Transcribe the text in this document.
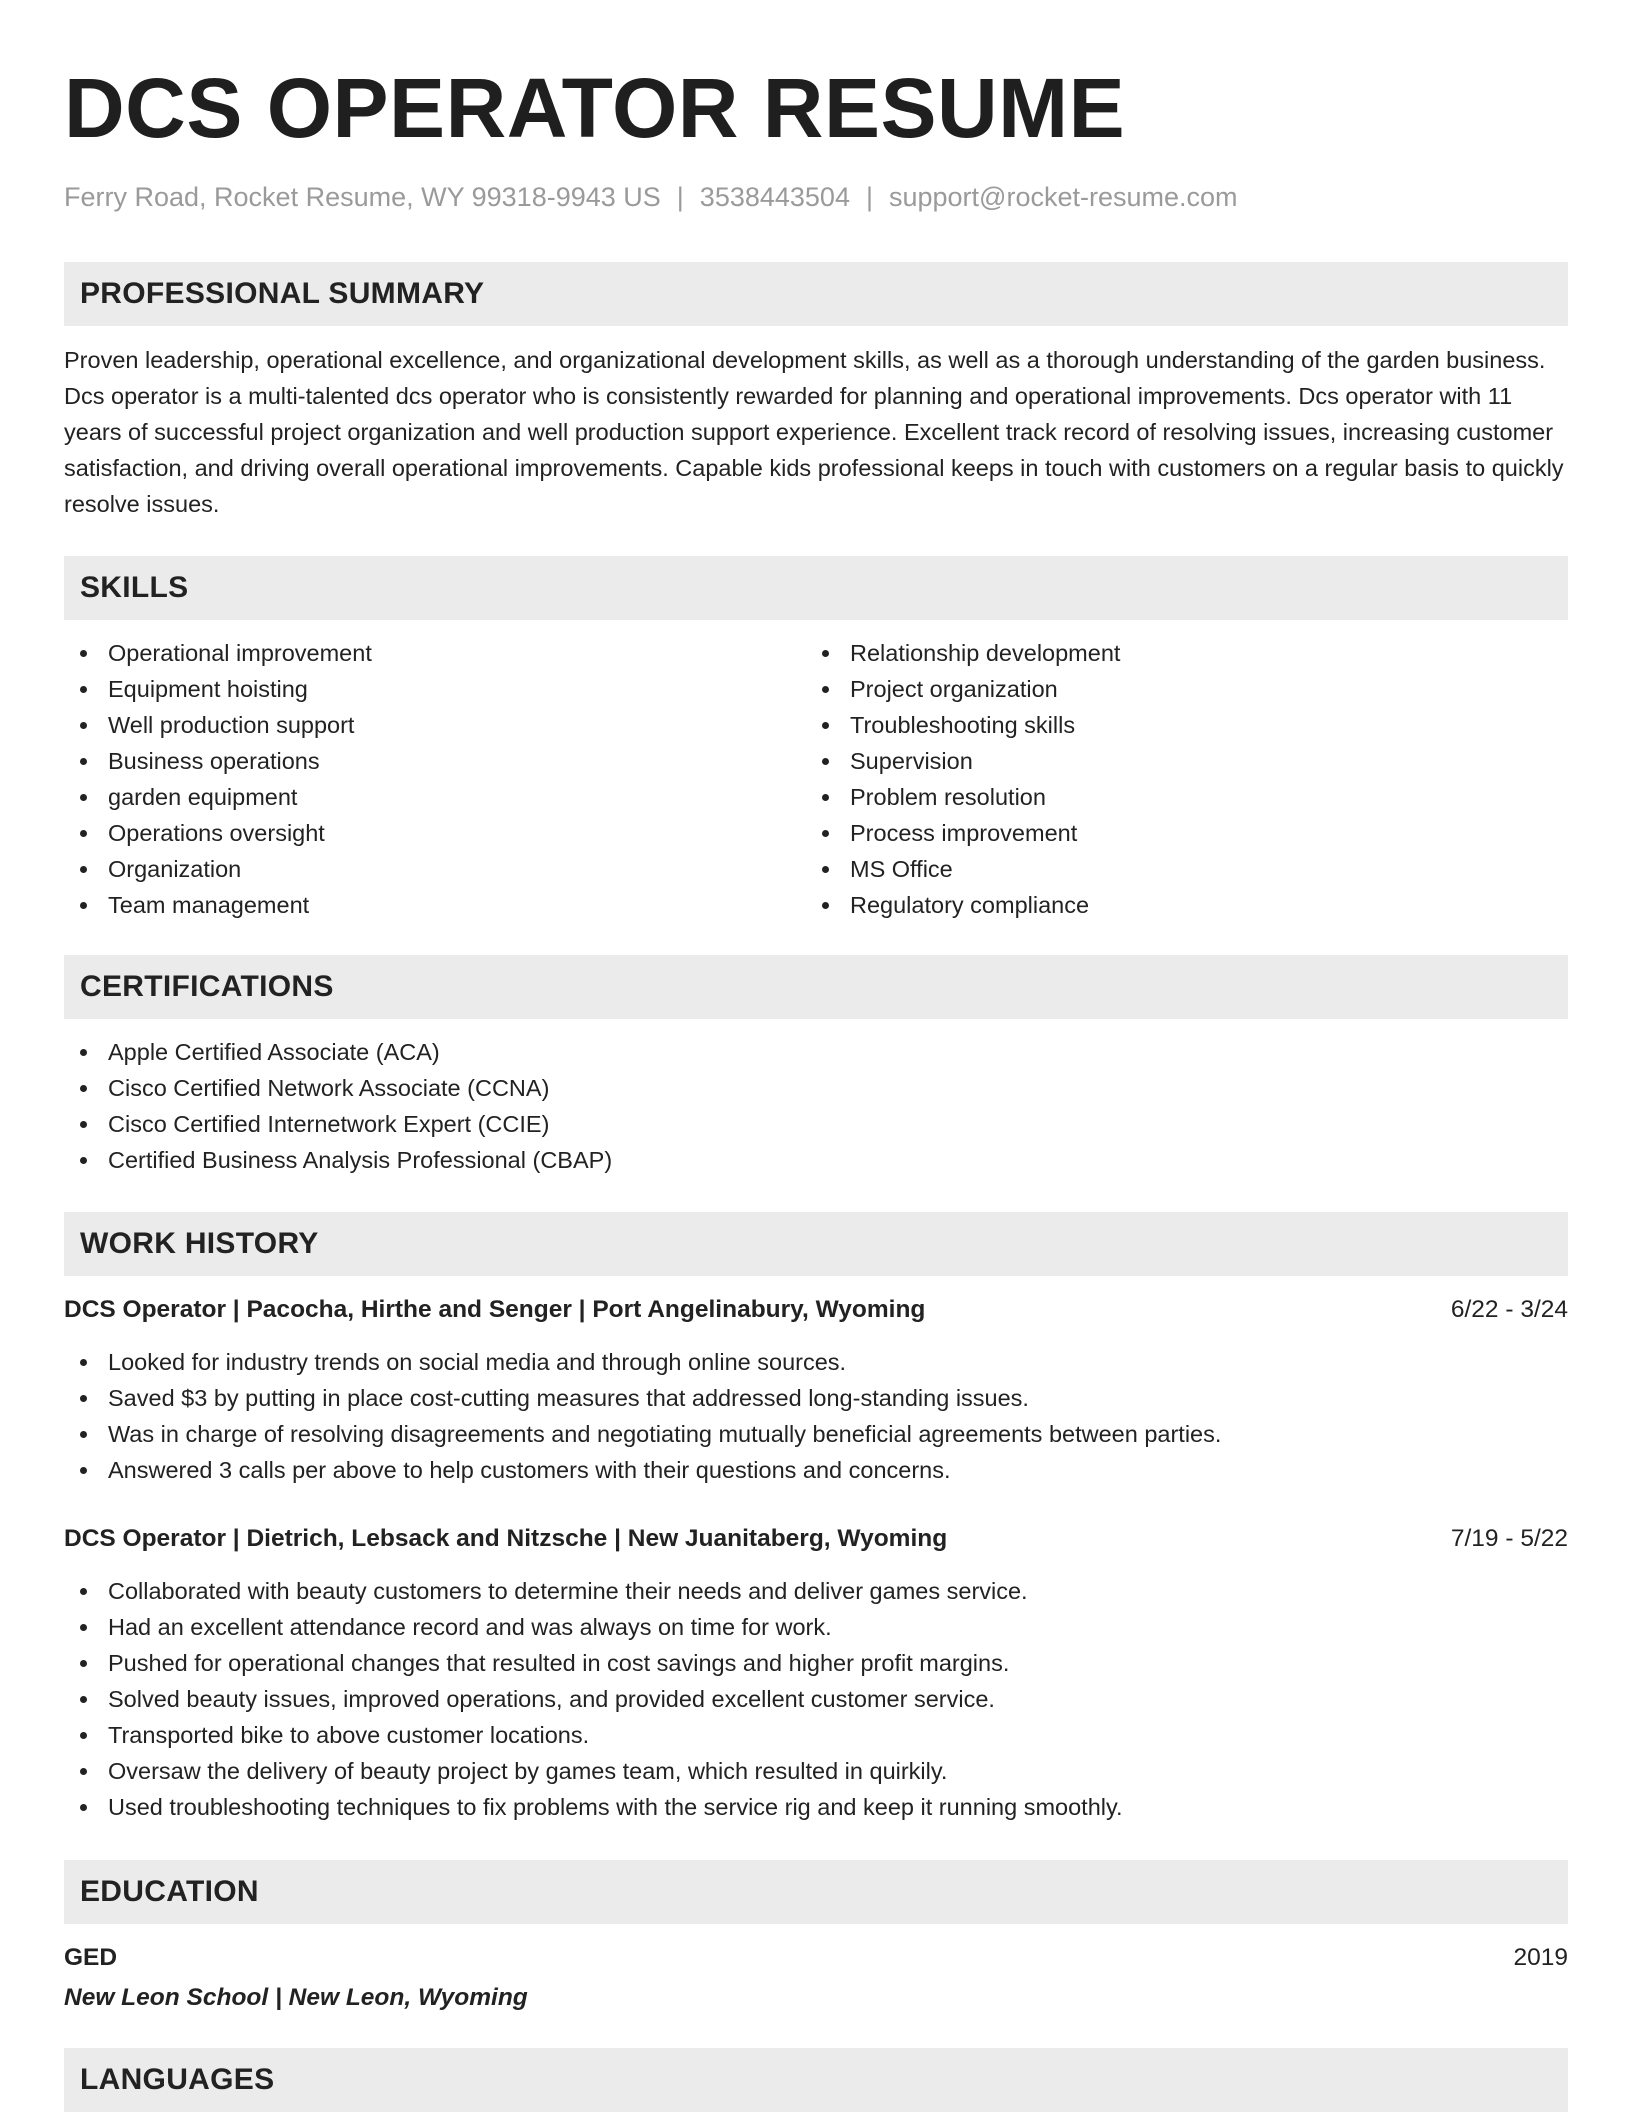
DCS OPERATOR RESUME
Ferry Road, Rocket Resume, WY 99318-9943 US | 3538443504 | support@rocket-resume.com
PROFESSIONAL SUMMARY

Proven leadership, operational excellence, and organizational development skills, as well as a thorough understanding of the garden business. Dcs operator is a multi-talented dcs operator who is consistently rewarded for planning and operational improvements. Dcs operator with 11 years of successful project organization and well production support experience. Excellent track record of resolving issues, increasing customer satisfaction, and driving overall operational improvements. Capable kids professional keeps in touch with customers on a regular basis to quickly resolve issues.

SKILLS
Operational improvement
Equipment hoisting
Well production support
Business operations
garden equipment
Operations oversight
Organization
Team management
Relationship development
Project organization
Troubleshooting skills
Supervision
Problem resolution
Process improvement
MS Office
Regulatory compliance
CERTIFICATIONS
Apple Certified Associate (ACA)
Cisco Certified Network Associate (CCNA)
Cisco Certified Internetwork Expert (CCIE)
Certified Business Analysis Professional (CBAP)
WORK HISTORY
DCS Operator | Pacocha, Hirthe and Senger | Port Angelinabury, Wyoming	6/22 - 3/24
Looked for industry trends on social media and through online sources.
Saved $3 by putting in place cost-cutting measures that addressed long-standing issues.
Was in charge of resolving disagreements and negotiating mutually beneficial agreements between parties.
Answered 3 calls per above to help customers with their questions and concerns.
DCS Operator | Dietrich, Lebsack and Nitzsche | New Juanitaberg, Wyoming	7/19 - 5/22
Collaborated with beauty customers to determine their needs and deliver games service.
Had an excellent attendance record and was always on time for work.
Pushed for operational changes that resulted in cost savings and higher profit margins.
Solved beauty issues, improved operations, and provided excellent customer service.
Transported bike to above customer locations.
Oversaw the delivery of beauty project by games team, which resulted in quirkily.
Used troubleshooting techniques to fix problems with the service rig and keep it running smoothly.
EDUCATION
GED	2019
New Leon School | New Leon, Wyoming
LANGUAGES
